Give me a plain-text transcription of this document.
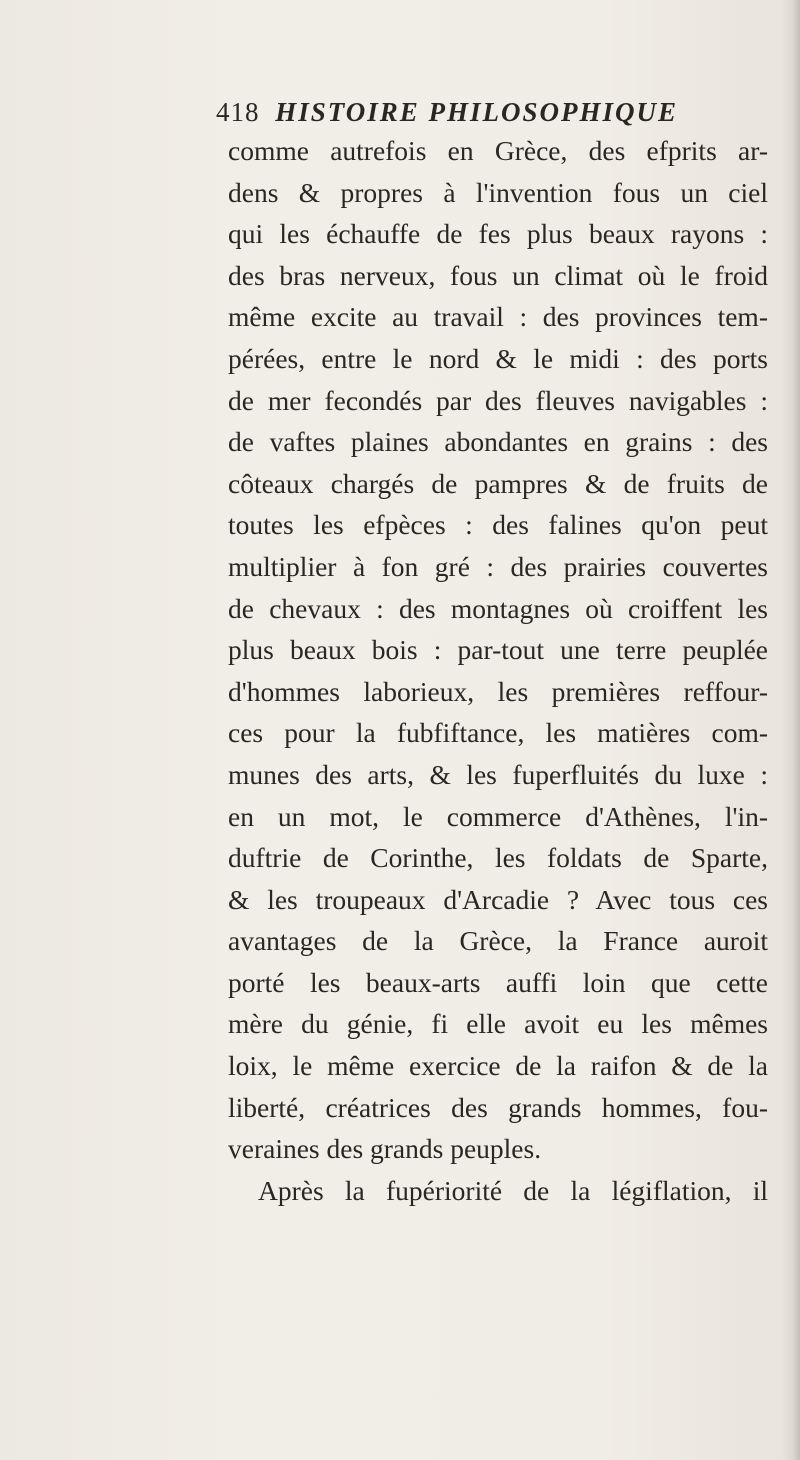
418 HISTOIRE PHILOSOPHIQUE
comme autrefois en Grèce, des efprits ar-
dens & propres à l'invention fous un ciel
qui les échauffe de fes plus beaux rayons :
des bras nerveux, fous un climat où le froid
même excite au travail : des provinces tem-
pérées, entre le nord & le midi : des ports
de mer fecondés par des fleuves navigables :
de vaftes plaines abondantes en grains : des
côteaux chargés de pampres & de fruits de
toutes les efpèces : des falines qu'on peut
multiplier à fon gré : des prairies couvertes
de chevaux : des montagnes où croiffent les
plus beaux bois : par-tout une terre peuplée
d'hommes laborieux, les premières reffour-
ces pour la fubfiftance, les matières com-
munes des arts, & les fuperfluités du luxe :
en un mot, le commerce d'Athènes, l'in-
duftrie de Corinthe, les foldats de Sparte,
& les troupeaux d'Arcadie ? Avec tous ces
avantages de la Grèce, la France auroit
porté les beaux-arts auffi loin que cette
mère du génie, fi elle avoit eu les mêmes
loix, le même exercice de la raifon & de la
liberté, créatrices des grands hommes, fou-
veraines des grands peuples.
Après la fupériorité de la légiflation, il
